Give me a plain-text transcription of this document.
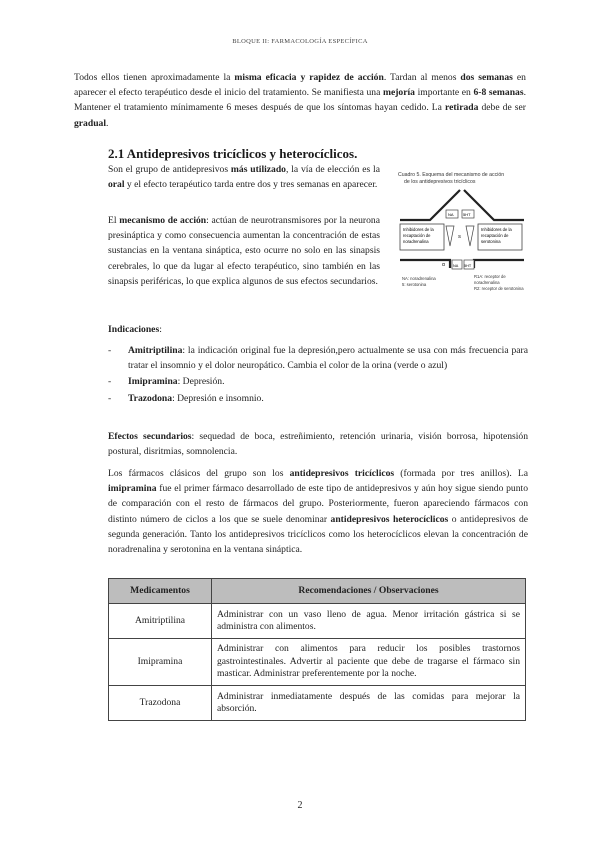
BLOQUE II: FARMACOLOGÍA ESPECÍFICA
Todos ellos tienen aproximadamente la misma eficacia y rapidez de acción. Tardan al menos dos semanas en aparecer el efecto terapéutico desde el inicio del tratamiento. Se manifiesta una mejoría importante en 6-8 semanas. Mantener el tratamiento mínimamente 6 meses después de que los síntomas hayan cedido. La retirada debe de ser gradual.
2.1 Antidepresivos tricíclicos y heterocíclicos.
Son el grupo de antidepresivos más utilizado, la vía de elección es la oral y el efecto terapéutico tarda entre dos y tres semanas en aparecer.
El mecanismo de acción: actúan de neurotransmisores por la neurona presináptica y como consecuencia aumentan la concentración de estas sustancias en la ventana sináptica, esto ocurre no solo en las sinapsis cerebrales, lo que da lugar al efecto terapéutico, sino también en las sinapsis periféricas, lo que explica algunos de sus efectos secundarios.
Cuadro 5. Esquema del mecanismo de acción
de los antidepresivos tricíclicos
Inhibidores de la
recaptación de
noradrenalina
Inhibidores de la
recaptación de
serotonina
NA 5HT
S
α NA 5HT
NA: noradrenalina
5: serotonina
R1A: receptor de
noradrenalina
R2: receptor de serotonina
Indicaciones:
- Amitriptilina: la indicación original fue la depresión,pero actualmente se usa con más frecuencia para tratar el insomnio y el dolor neuropático. Cambia el color de la orina (verde o azul)
- Imipramina: Depresión.
- Trazodona: Depresión e insomnio.
Efectos secundarios: sequedad de boca, estreñimiento, retención urinaria, visión borrosa, hipotensión postural, disritmias, somnolencia.
Los fármacos clásicos del grupo son los antidepresivos tricíclicos (formada por tres anillos). La imipramina fue el primer fármaco desarrollado de este tipo de antidepresivos y aún hoy sigue siendo punto de comparación con el resto de fármacos del grupo. Posteriormente, fueron apareciendo fármacos con distinto número de ciclos a los que se suele denominar antidepresivos heterocíclicos o antidepresivos de segunda generación. Tanto los antidepresivos tricíclicos como los heterocíclicos elevan la concentración de noradrenalina y serotonina en la ventana sináptica.
Medicamentos	Recomendaciones / Observaciones
Amitriptilina	Administrar con un vaso lleno de agua. Menor irritación gástrica si se administra con alimentos.
Imipramina	Administrar con alimentos para reducir los posibles trastornos gastrointestinales. Advertir al paciente que debe de tragarse el fármaco sin masticar. Administrar preferentemente por la noche.
Trazodona	Administrar inmediatamente después de las comidas para mejorar la absorción.
2
